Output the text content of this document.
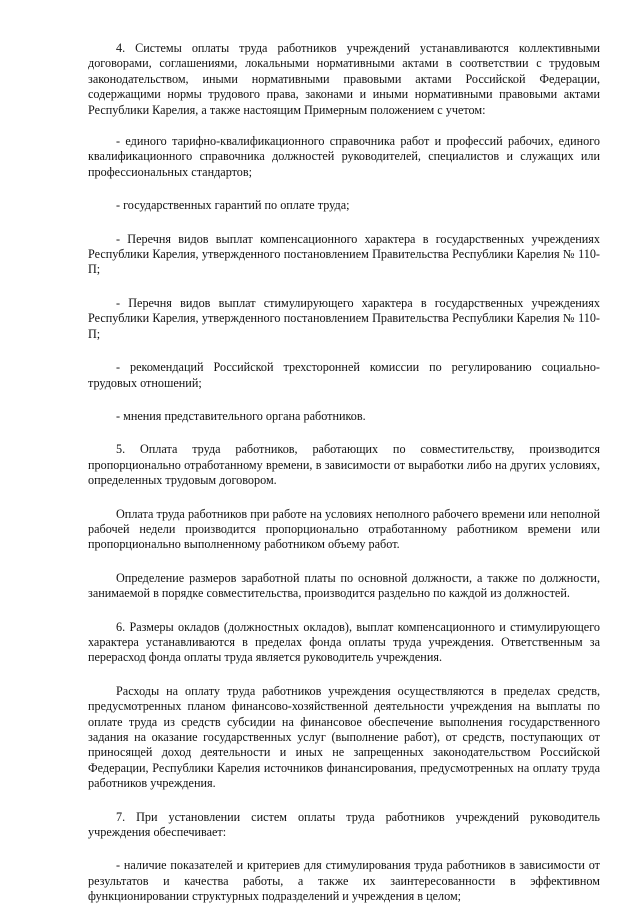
4. Системы оплаты труда работников учреждений устанавливаются коллективными договорами, соглашениями, локальными нормативными актами в соответствии с трудовым законодательством, иными нормативными правовыми актами Российской Федерации, содержащими нормы трудового права, законами и иными нормативными правовыми актами Республики Карелия, а также настоящим Примерным положением с учетом:

- единого тарифно-квалификационного справочника работ и профессий рабочих, единого квалификационного справочника должностей руководителей, специалистов и служащих или профессиональных стандартов;

- государственных гарантий по оплате труда;

- Перечня видов выплат компенсационного характера в государственных учреждениях Республики Карелия, утвержденного постановлением Правительства Республики Карелия № 110-П;

- Перечня видов выплат стимулирующего характера в государственных учреждениях Республики Карелия, утвержденного постановлением Правительства Республики Карелия № 110-П;

- рекомендаций Российской трехсторонней комиссии по регулированию социально-трудовых отношений;

- мнения представительного органа работников.

5. Оплата труда работников, работающих по совместительству, производится пропорционально отработанному времени, в зависимости от выработки либо на других условиях, определенных трудовым договором.

Оплата труда работников при работе на условиях неполного рабочего времени или неполной рабочей недели производится пропорционально отработанному работником времени или пропорционально выполненному работником объему работ.

Определение размеров заработной платы по основной должности, а также по должности, занимаемой в порядке совместительства, производится раздельно по каждой из должностей.

6. Размеры окладов (должностных окладов), выплат компенсационного и стимулирующего характера устанавливаются в пределах фонда оплаты труда учреждения. Ответственным за перерасход фонда оплаты труда является руководитель учреждения.

Расходы на оплату труда работников учреждения осуществляются в пределах средств, предусмотренных планом финансово-хозяйственной деятельности учреждения на выплаты по оплате труда из средств субсидии на финансовое обеспечение выполнения государственного задания на оказание государственных услуг (выполнение работ), от средств, поступающих от приносящей доход деятельности и иных не запрещенных законодательством Российской Федерации, Республики Карелия источников финансирования, предусмотренных на оплату труда работников учреждения.

7. При установлении систем оплаты труда работников учреждений руководитель учреждения обеспечивает:

- наличие показателей и критериев для стимулирования труда работников в зависимости от результатов и качества работы, а также их заинтересованности в эффективном функционировании структурных подразделений и учреждения в целом;
